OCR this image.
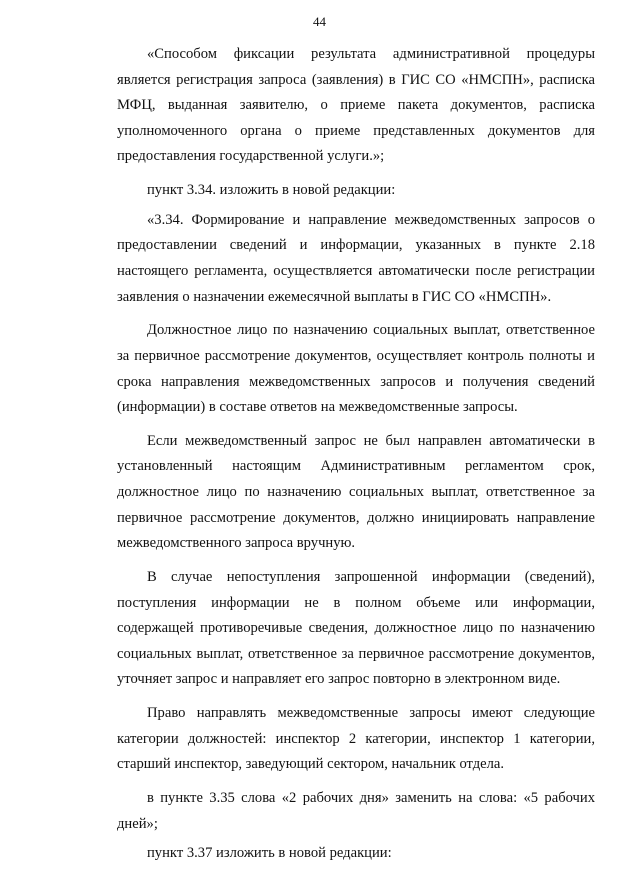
44

«Способом фиксации результата административной процедуры является регистрация запроса (заявления) в ГИС СО «НМСПН», расписка МФЦ, выданная заявителю, о приеме пакета документов, расписка уполномоченного органа о приеме представленных документов для предоставления государственной услуги.»;

пункт 3.34. изложить в новой редакции:

«3.34. Формирование и направление межведомственных запросов о предоставлении сведений и информации, указанных в пункте 2.18 настоящего регламента, осуществляется автоматически после регистрации заявления о назначении ежемесячной выплаты в ГИС СО «НМСПН».

Должностное лицо по назначению социальных выплат, ответственное за первичное рассмотрение документов, осуществляет контроль полноты и срока направления межведомственных запросов и получения сведений (информации) в составе ответов на межведомственные запросы.

Если межведомственный запрос не был направлен автоматически в установленный настоящим Административным регламентом срок, должностное лицо по назначению социальных выплат, ответственное за первичное рассмотрение документов, должно инициировать направление межведомственного запроса вручную.

В случае непоступления запрошенной информации (сведений), поступления информации не в полном объеме или информации, содержащей противоречивые сведения, должностное лицо по назначению социальных выплат, ответственное за первичное рассмотрение документов, уточняет запрос и направляет его запрос повторно в электронном виде.

Право направлять межведомственные запросы имеют следующие категории должностей: инспектор 2 категории, инспектор 1 категории, старший инспектор, заведующий сектором, начальник отдела.

в пункте 3.35 слова «2 рабочих дня» заменить на слова: «5 рабочих дней»;

пункт 3.37 изложить в новой редакции:
